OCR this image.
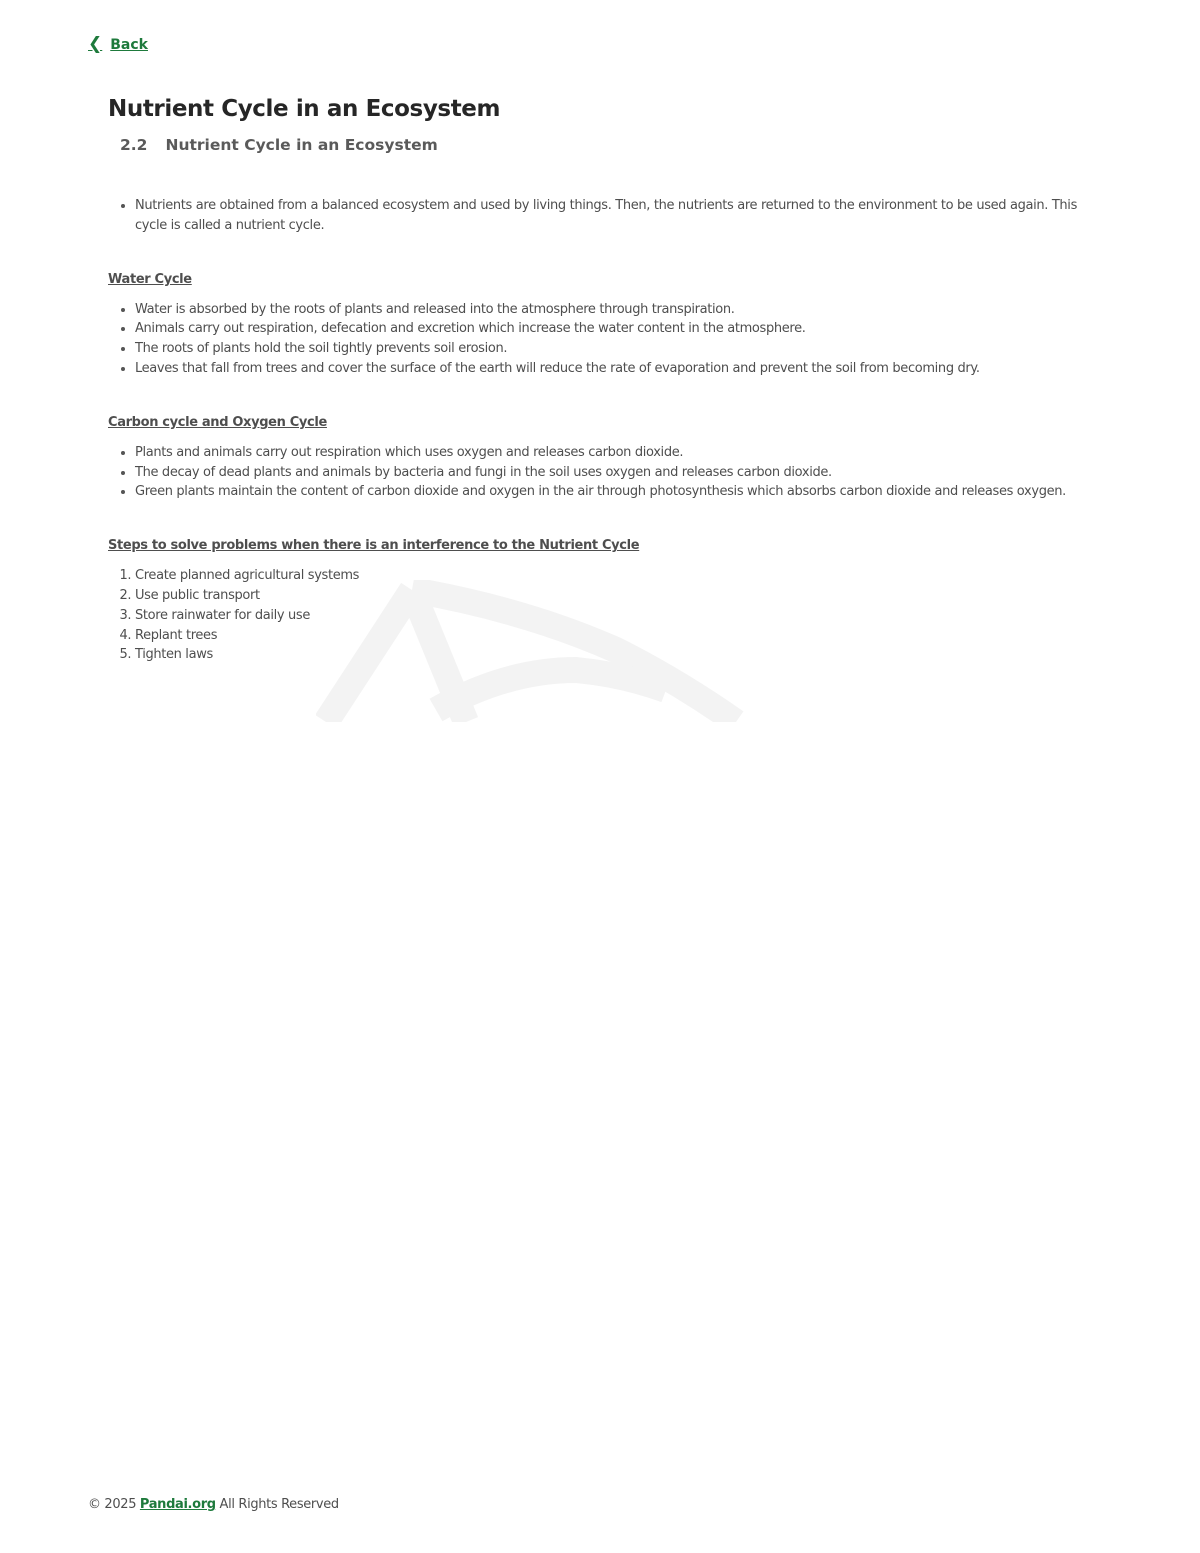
❮ Back
Nutrient Cycle in an Ecosystem
2.2 Nutrient Cycle in an Ecosystem
• Nutrients are obtained from a balanced ecosystem and used by living things. Then, the nutrients are returned to the environment to be used again. This cycle is called a nutrient cycle.
Water Cycle
• Water is absorbed by the roots of plants and released into the atmosphere through transpiration.
• Animals carry out respiration, defecation and excretion which increase the water content in the atmosphere.
• The roots of plants hold the soil tightly prevents soil erosion.
• Leaves that fall from trees and cover the surface of the earth will reduce the rate of evaporation and prevent the soil from becoming dry.
Carbon cycle and Oxygen Cycle
• Plants and animals carry out respiration which uses oxygen and releases carbon dioxide.
• The decay of dead plants and animals by bacteria and fungi in the soil uses oxygen and releases carbon dioxide.
• Green plants maintain the content of carbon dioxide and oxygen in the air through photosynthesis which absorbs carbon dioxide and releases oxygen.
Steps to solve problems when there is an interference to the Nutrient Cycle
1. Create planned agricultural systems
2. Use public transport
3. Store rainwater for daily use
4. Replant trees
5. Tighten laws
© 2025 Pandai.org All Rights Reserved
